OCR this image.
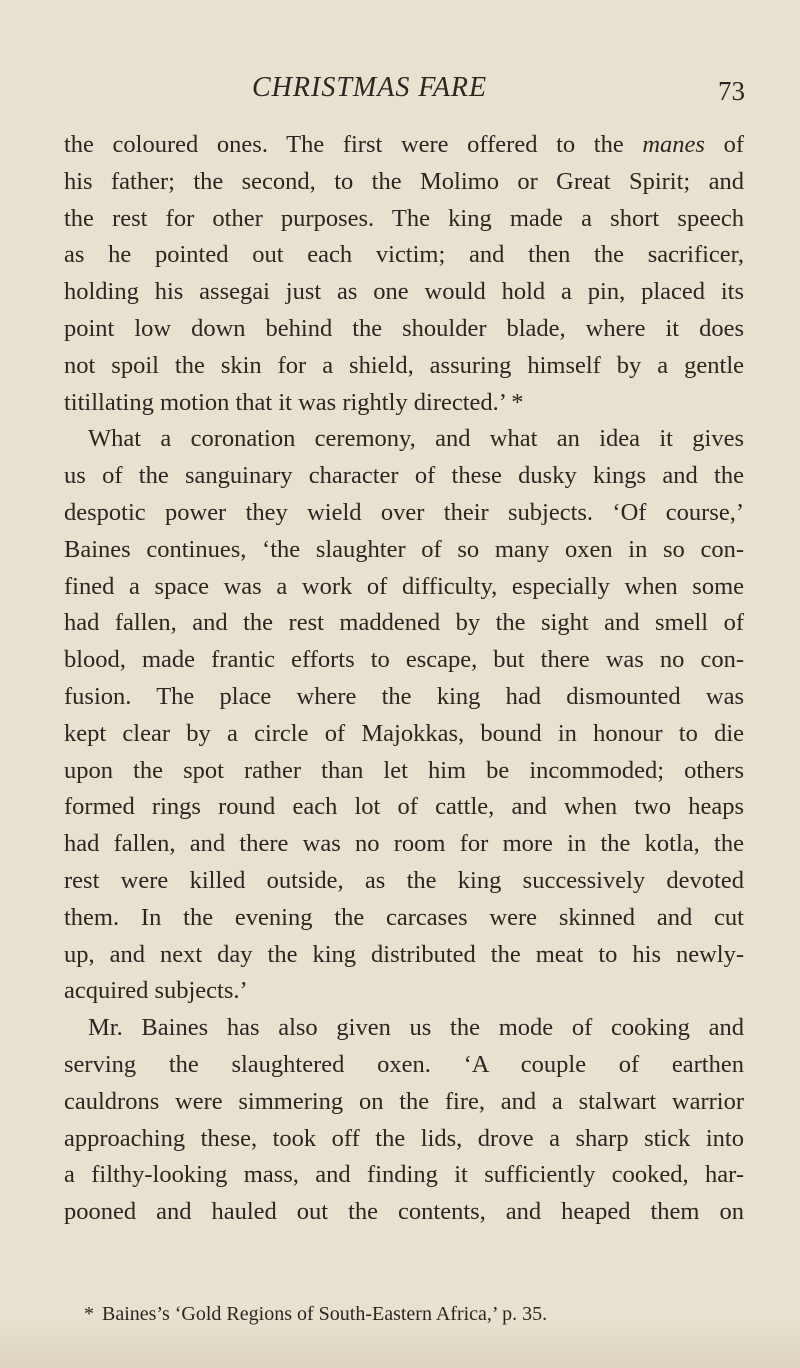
CHRISTMAS FARE	73
the coloured ones. The first were offered to the manes of
his father; the second, to the Molimo or Great Spirit; and
the rest for other purposes. The king made a short speech
as he pointed out each victim; and then the sacrificer,
holding his assegai just as one would hold a pin, placed its
point low down behind the shoulder blade, where it does
not spoil the skin for a shield, assuring himself by a gentle
titillating motion that it was rightly directed.’ *
What a coronation ceremony, and what an idea it gives
us of the sanguinary character of these dusky kings and the
despotic power they wield over their subjects. ‘Of course,’
Baines continues, ‘the slaughter of so many oxen in so con-
fined a space was a work of difficulty, especially when some
had fallen, and the rest maddened by the sight and smell of
blood, made frantic efforts to escape, but there was no con-
fusion. The place where the king had dismounted was
kept clear by a circle of Majokkas, bound in honour to die
upon the spot rather than let him be incommoded; others
formed rings round each lot of cattle, and when two heaps
had fallen, and there was no room for more in the kotla, the
rest were killed outside, as the king successively devoted
them. In the evening the carcases were skinned and cut
up, and next day the king distributed the meat to his newly-
acquired subjects.’
Mr. Baines has also given us the mode of cooking and
serving the slaughtered oxen. ‘A couple of earthen
cauldrons were simmering on the fire, and a stalwart warrior
approaching these, took off the lids, drove a sharp stick into
a filthy-looking mass, and finding it sufficiently cooked, har-
pooned and hauled out the contents, and heaped them on
* Baines’s ‘Gold Regions of South-Eastern Africa,’ p. 35.
